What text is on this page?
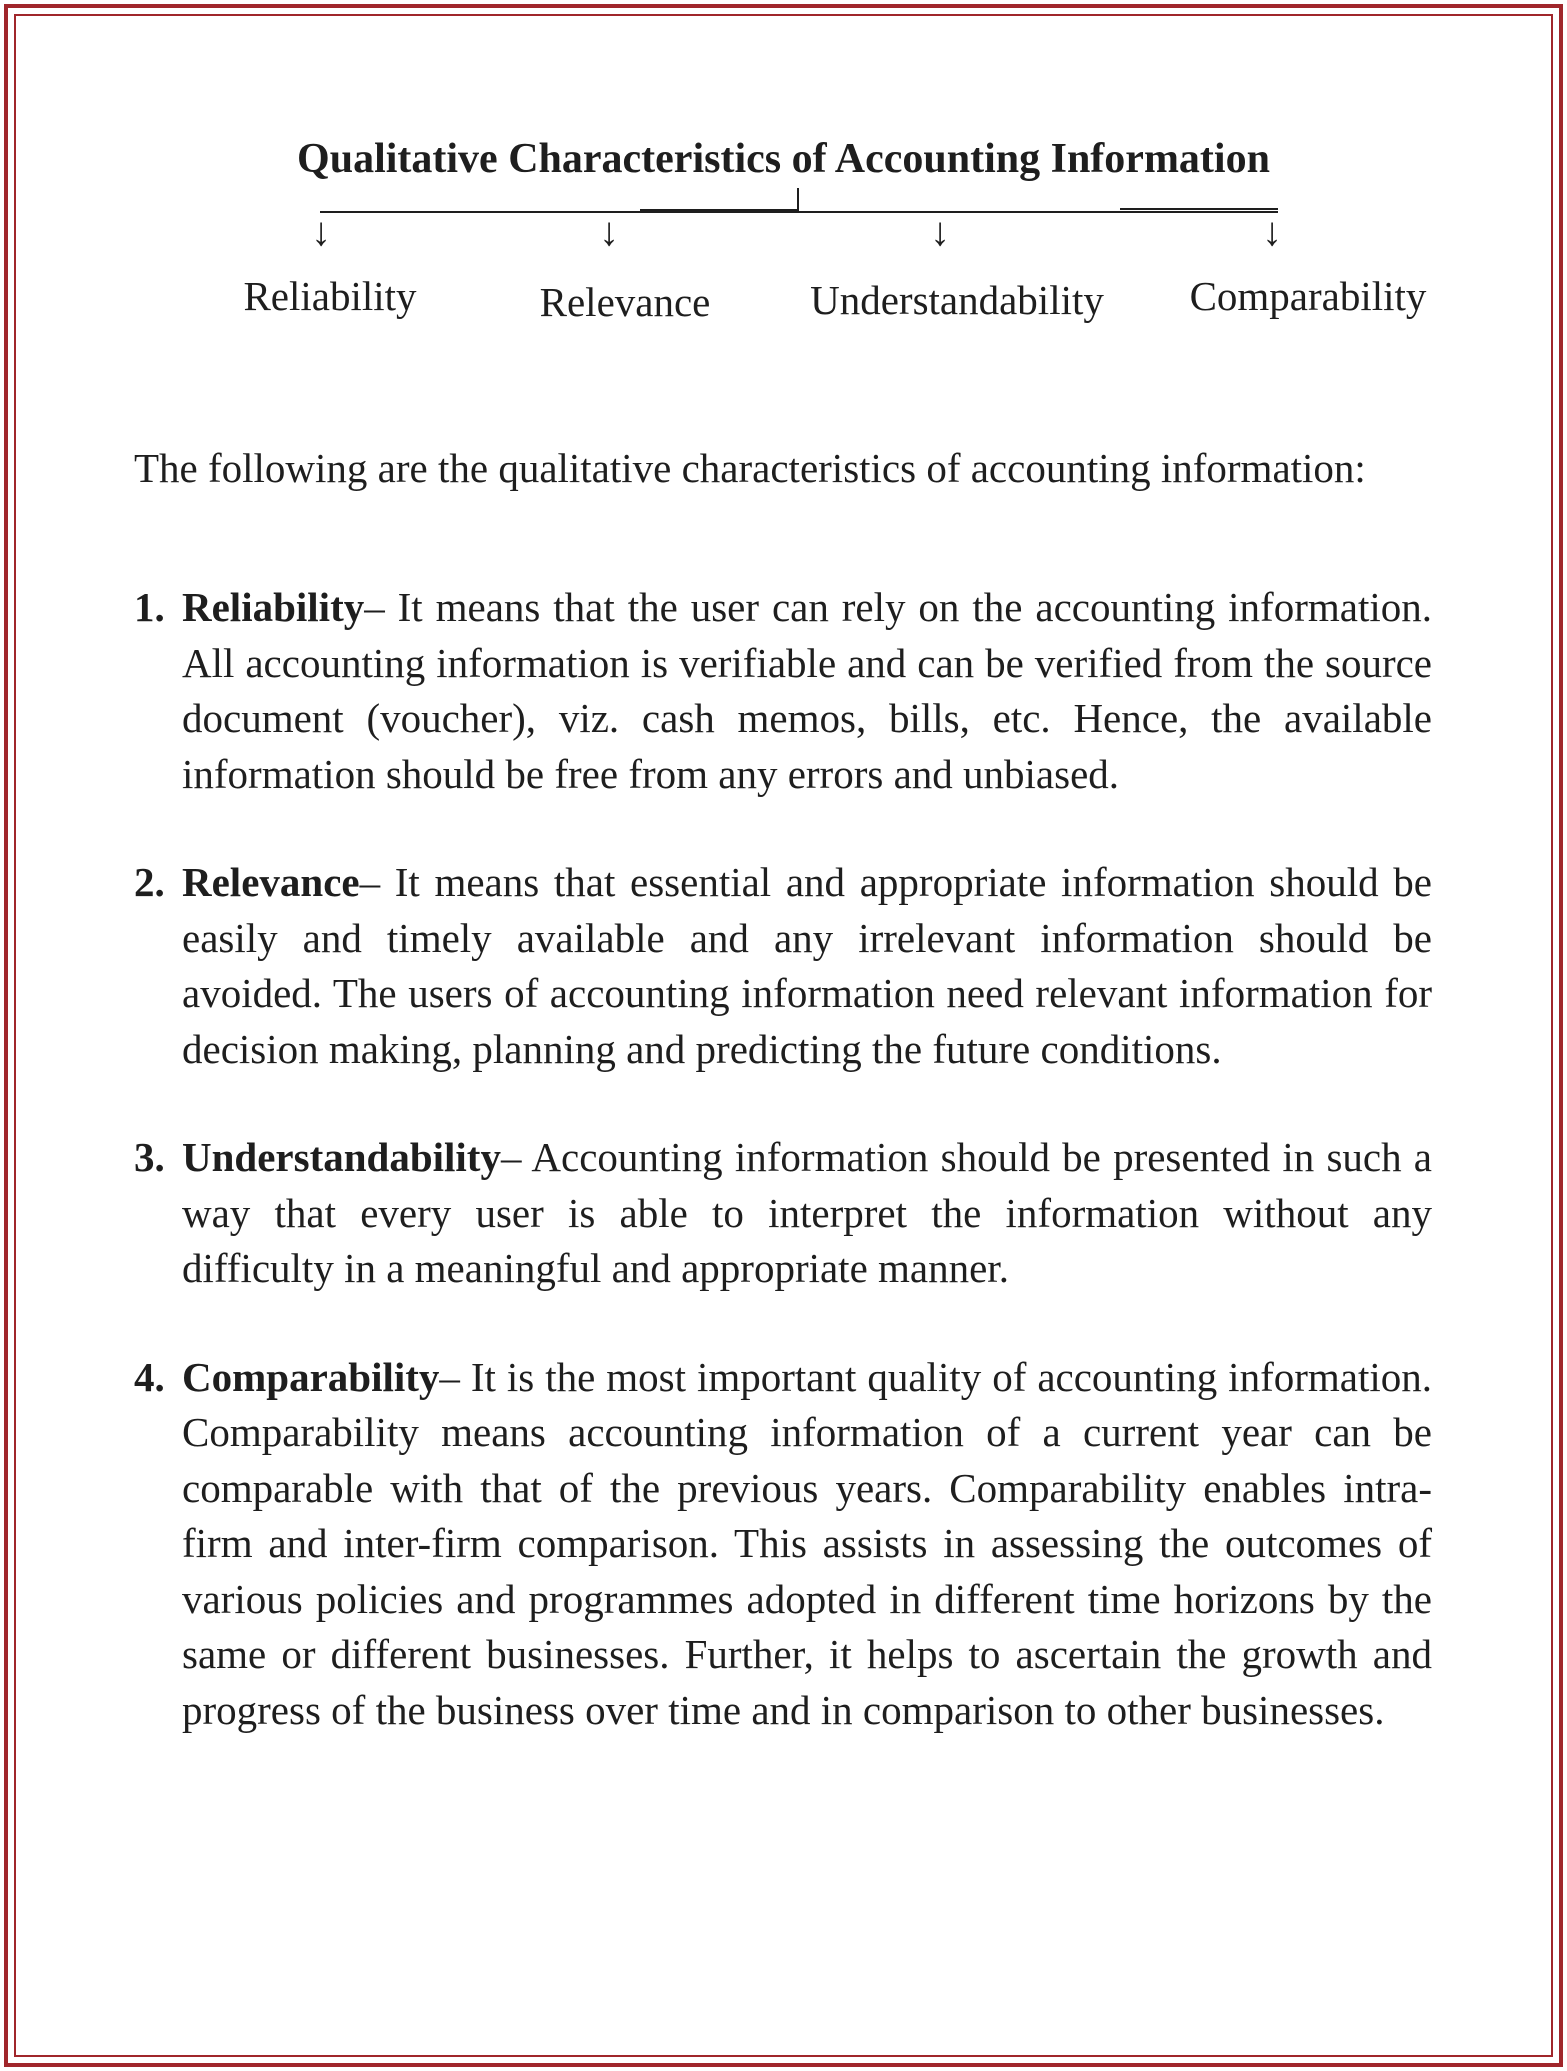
Qualitative Characteristics of Accounting Information
↓	↓	↓	↓

Reliability	Relevance Understandability Comparability

The following are the qualitative characteristics of accounting information:

1. Reliability– It means that the user can rely on the accounting information. All accounting information is verifiable and can be verified from the source document (voucher), viz. cash memos, bills, etc. Hence, the available information should be free from any errors and unbiased.
2. Relevance– It means that essential and appropriate information should be easily and timely available and any irrelevant information should be avoided. The users of accounting information need relevant information for decision making, planning and predicting the future conditions.
3. Understandability– Accounting information should be presented in such a way that every user is able to interpret the information without any difficulty in a meaningful and appropriate manner.
4. Comparability– It is the most important quality of accounting information. Comparability means accounting information of a current year can be comparable with that of the previous years. Comparability enables intra-firm and inter-firm comparison. This assists in assessing the outcomes of various policies and programmes adopted in different time horizons by the same or different businesses. Further, it helps to ascertain the growth and progress of the business over time and in comparison to other businesses.
